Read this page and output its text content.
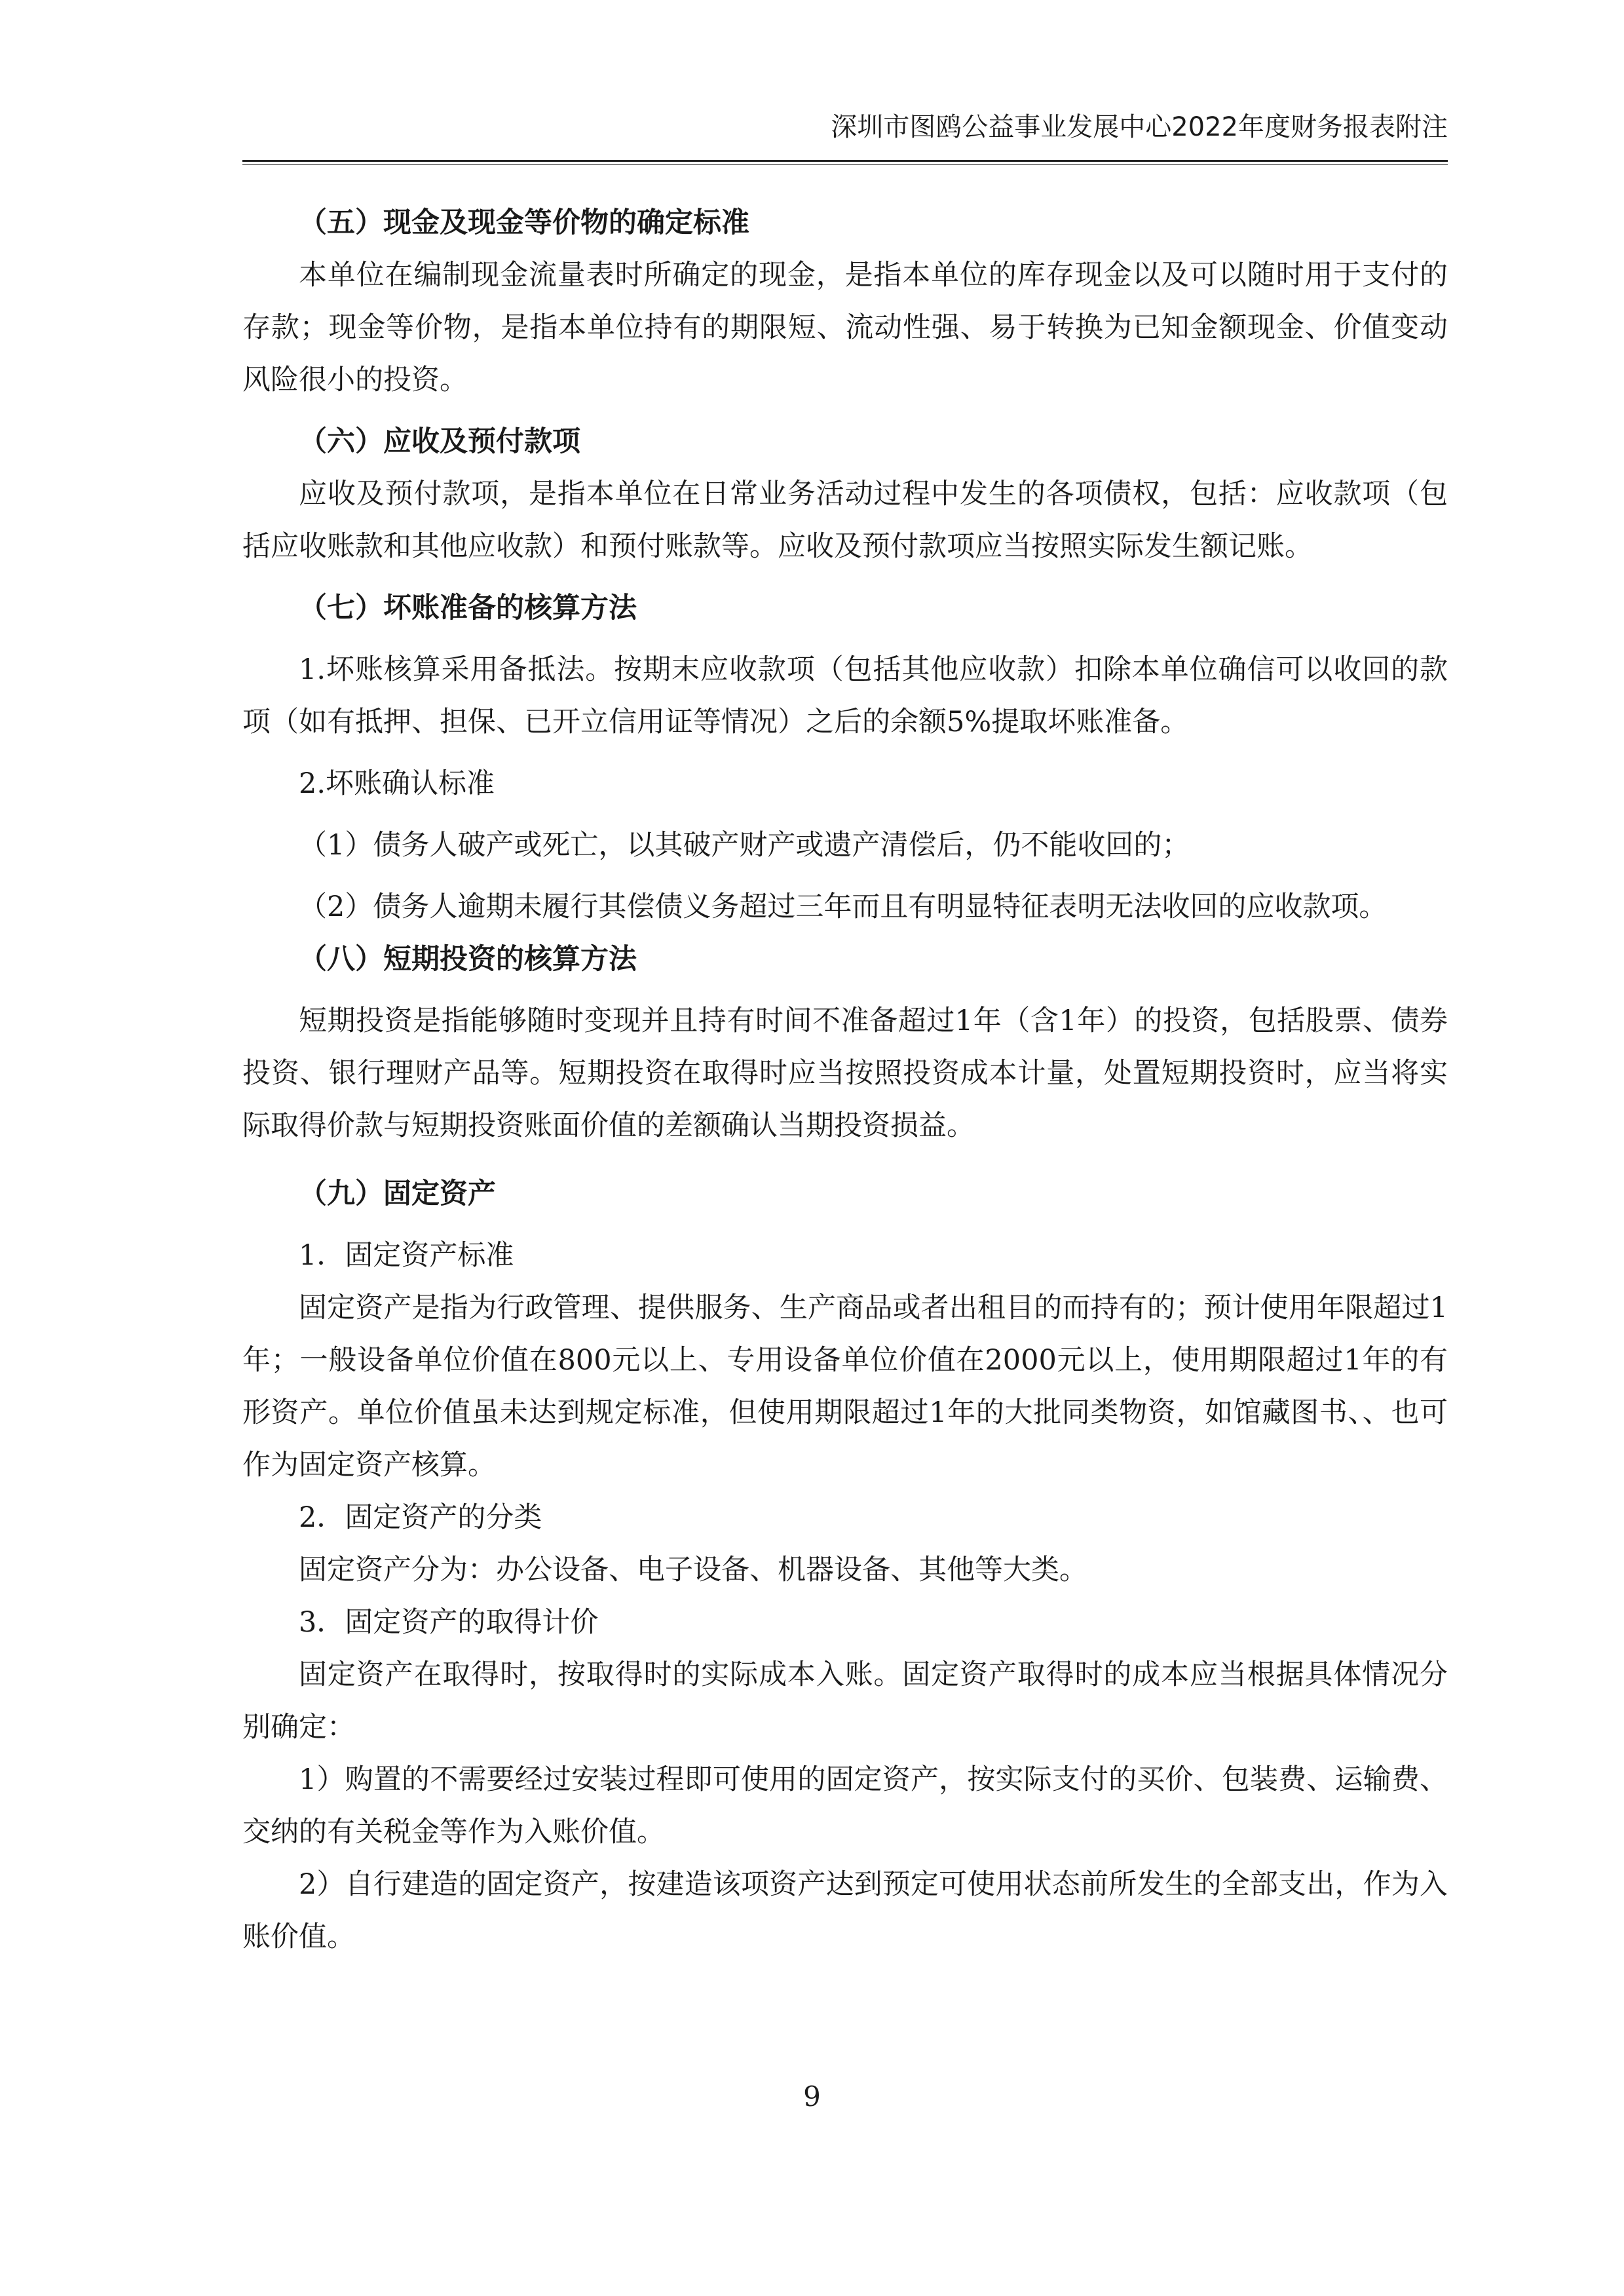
深圳市图鸥公益事业发展中心2022年度财务报表附注

（五）现金及现金等价物的确定标准

本单位在编制现金流量表时所确定的现金，是指本单位的库存现金以及可以随时用于支付的存款；现金等价物，是指本单位持有的期限短、流动性强、易于转换为已知金额现金、价值变动风险很小的投资。

（六）应收及预付款项

应收及预付款项，是指本单位在日常业务活动过程中发生的各项债权，包括：应收款项（包括应收账款和其他应收款）和预付账款等。应收及预付款项应当按照实际发生额记账。

（七）坏账准备的核算方法

1.坏账核算采用备抵法。按期末应收款项（包括其他应收款）扣除本单位确信可以收回的款项（如有抵押、担保、已开立信用证等情况）之后的余额5%提取坏账准备。

2.坏账确认标准

（1）债务人破产或死亡，以其破产财产或遗产清偿后，仍不能收回的；

（2）债务人逾期未履行其偿债义务超过三年而且有明显特征表明无法收回的应收款项。

（八）短期投资的核算方法

短期投资是指能够随时变现并且持有时间不准备超过1年（含1年）的投资，包括股票、债券投资、银行理财产品等。短期投资在取得时应当按照投资成本计量，处置短期投资时，应当将实际取得价款与短期投资账面价值的差额确认当期投资损益。

（九）固定资产

1．固定资产标准

固定资产是指为行政管理、提供服务、生产商品或者出租目的而持有的；预计使用年限超过1年；一般设备单位价值在800元以上、专用设备单位价值在2000元以上，使用期限超过1年的有形资产。单位价值虽未达到规定标准，但使用期限超过1年的大批同类物资，如馆藏图书、、也可作为固定资产核算。

2．固定资产的分类

固定资产分为：办公设备、电子设备、机器设备、其他等大类。

3．固定资产的取得计价

固定资产在取得时，按取得时的实际成本入账。固定资产取得时的成本应当根据具体情况分别确定：

1）购置的不需要经过安装过程即可使用的固定资产，按实际支付的买价、包装费、运输费、交纳的有关税金等作为入账价值。

2）自行建造的固定资产，按建造该项资产达到预定可使用状态前所发生的全部支出，作为入账价值。

9
